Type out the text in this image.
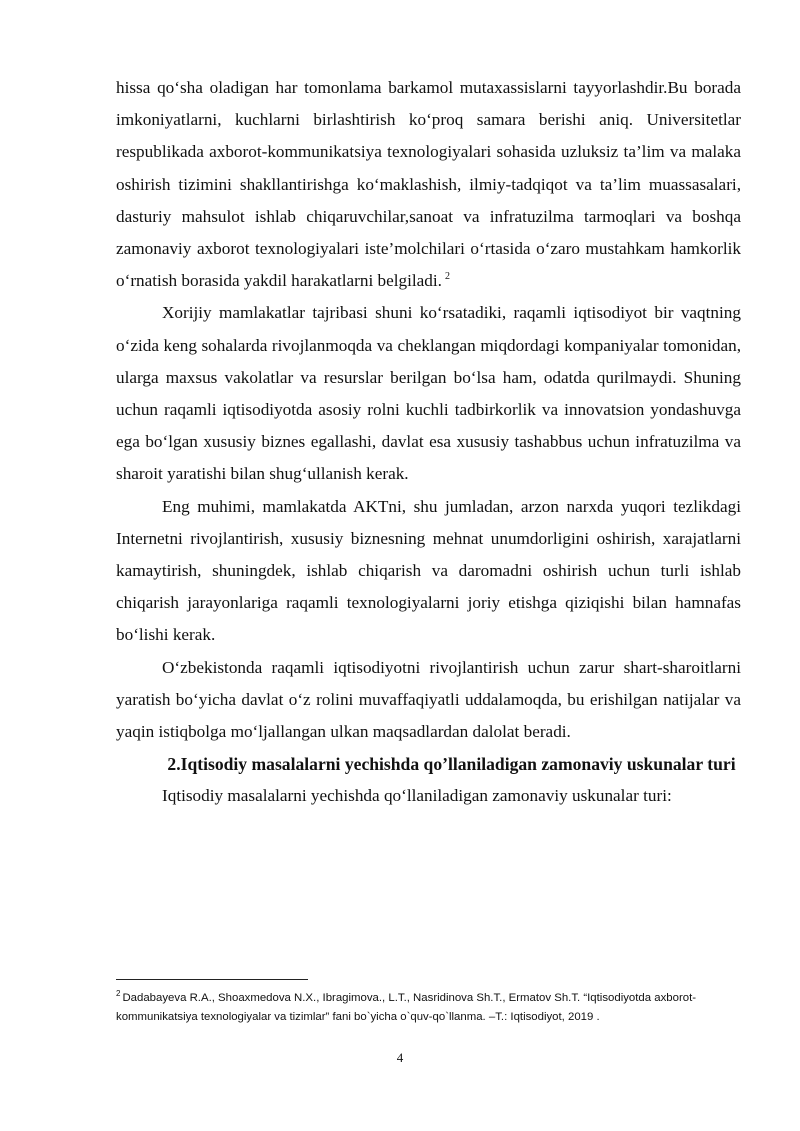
hissa qo‘sha oladigan har tomonlama barkamol mutaxassislarni tayyorlashdir.Bu borada imkoniyatlarni, kuchlarni birlashtirish ko‘proq samara berishi aniq. Universitetlar respublikada axborot-kommunikatsiya texnologiyalari sohasida uzluksiz ta’lim va malaka oshirish tizimini shakllantirishga ko‘maklashish, ilmiy-tadqiqot va ta’lim muassasalari, dasturiy mahsulot ishlab chiqaruvchilar,sanoat va infratuzilma tarmoqlari va boshqa zamonaviy axborot texnologiyalari iste’molchilari o‘rtasida o‘zaro mustahkam hamkorlik o‘rnatish borasida yakdil harakatlarni belgiladi. $^2$

Xorijiy mamlakatlar tajribasi shuni ko‘rsatadiki, raqamli iqtisodiyot bir vaqtning o‘zida keng sohalarda rivojlanmoqda va cheklangan miqdordagi kompaniyalar tomonidan, ularga maxsus vakolatlar va resurslar berilgan bo‘lsa ham, odatda qurilmaydi. Shuning uchun raqamli iqtisodiyotda asosiy rolni kuchli tadbirkorlik va innovatsion yondashuvga ega bo‘lgan xususiy biznes egallashi, davlat esa xususiy tashabbus uchun infratuzilma va sharoit yaratishi bilan shug‘ullanish kerak.

Eng muhimi, mamlakatda AKTni, shu jumladan, arzon narxda yuqori tezlikdagi Internetni rivojlantirish, xususiy biznesning mehnat unumdorligini oshirish, xarajatlarni kamaytirish, shuningdek, ishlab chiqarish va daromadni oshirish uchun turli ishlab chiqarish jarayonlariga raqamli texnologiyalarni joriy etishga qiziqishi bilan hamnafas bo‘lishi kerak.

O‘zbekistonda raqamli iqtisodiyotni rivojlantirish uchun zarur shart-sharoitlarni yaratish bo‘yicha davlat o‘z rolini muvaffaqiyatli uddalamoqda, bu erishilgan natijalar va yaqin istiqbolga mo‘ljallangan ulkan maqsadlardan dalolat beradi.

2.Iqtisodiy masalalarni yechishda qo’llaniladigan zamonaviy uskunalar turi

Iqtisodiy masalalarni yechishda qo‘llaniladigan zamonaviy uskunalar turi:

$^2$ Dadabayeva R.A., Shoaxmedova N.X., Ibragimova., L.T., Nasridinova Sh.T., Ermatov Sh.T. “Iqtisodiyotda axborot-kommunikatsiya texnologiyalar va tizimlar” fani bo`yicha o`quv-qo`llanma. –T.: Iqtisodiyot, 2019 .
4
